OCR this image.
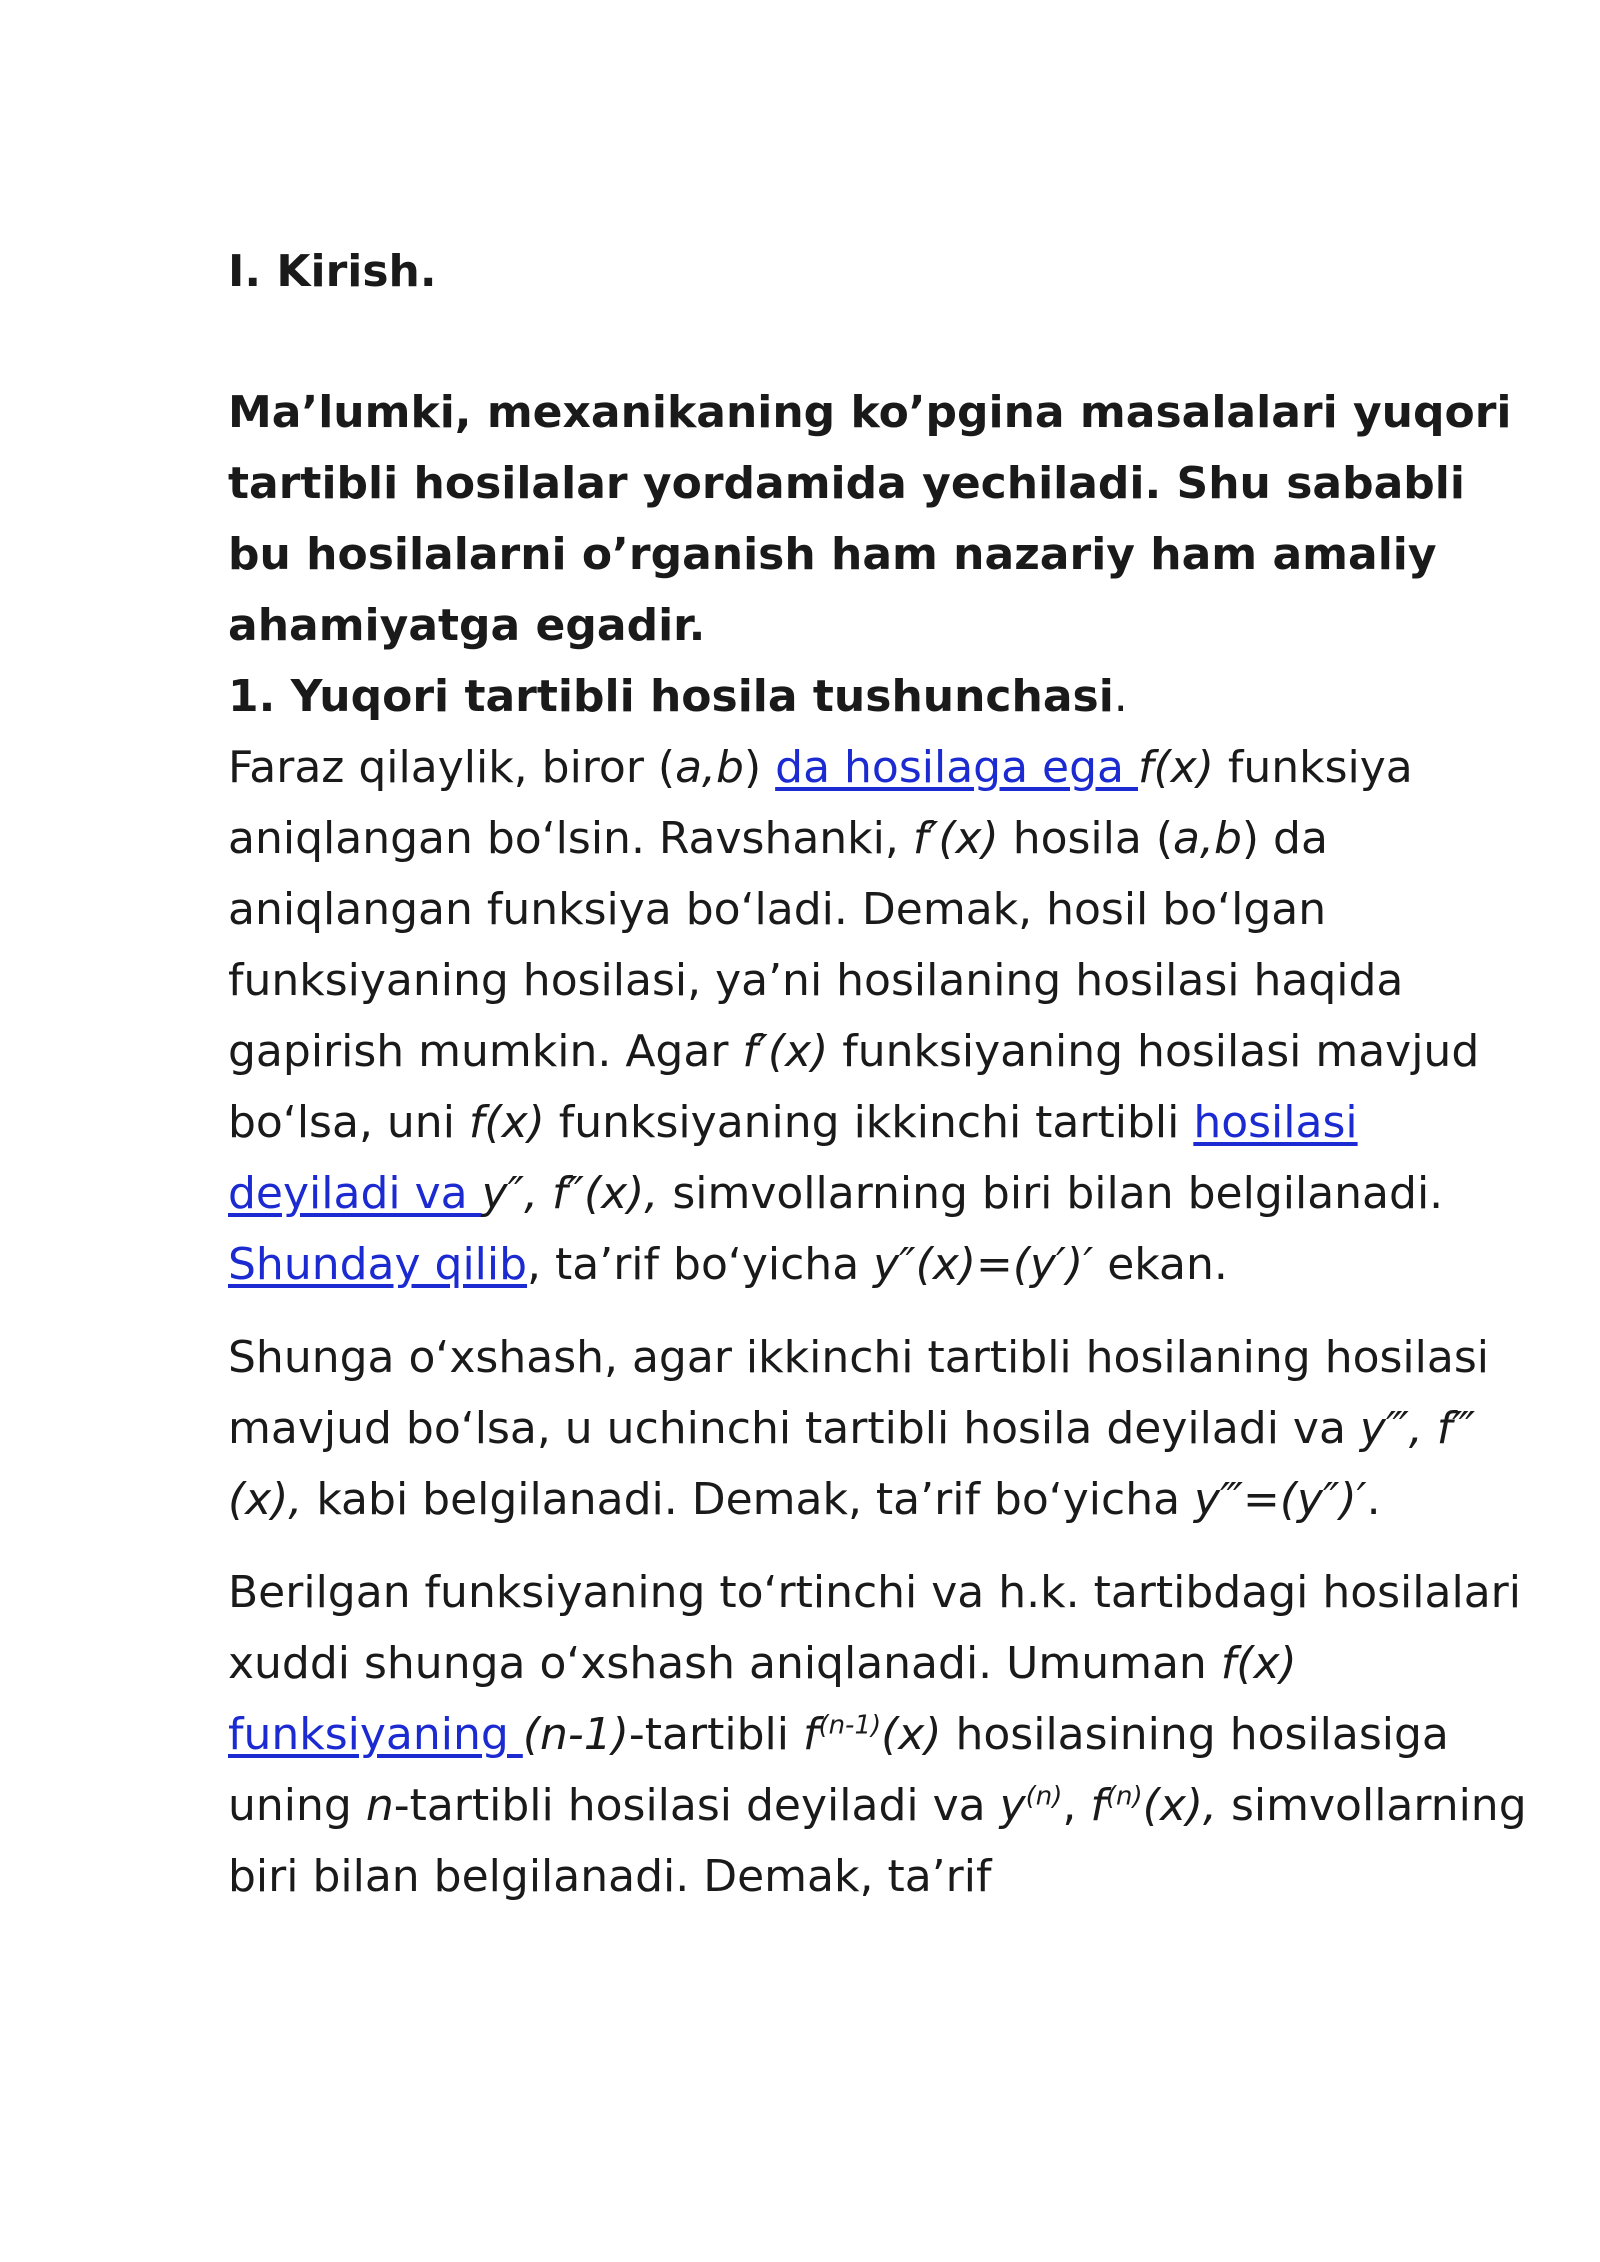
I. Kirish.

Ma’lumki, mexanikaning ko’pgina masalalari yuqori tartibli hosilalar yordamida yechiladi. Shu sababli bu hosilalarni o’rganish ham nazariy ham amaliy ahamiyatga egadir.

1. Yuqori tartibli hosila tushunchasi.

Faraz qilaylik, biror (a,b) da hosilaga ega f(x) funksiya aniqlangan bo‘lsin. Ravshanki, f′(x) hosila (a,b) da aniqlangan funksiya bo‘ladi. Demak, hosil bo‘lgan funksiyaning hosilasi, ya’ni hosilaning hosilasi haqida gapirish mumkin. Agar f′(x) funksiyaning hosilasi mavjud bo‘lsa, uni f(x) funksiyaning ikkinchi tartibli hosilasi deyiladi va y″, f″(x), simvollarning biri bilan belgilanadi. Shunday qilib, ta’rif bo‘yicha y″(x)=(y′)′ ekan.

Shunga o‘xshash, agar ikkinchi tartibli hosilaning hosilasi mavjud bo‘lsa, u uchinchi tartibli hosila deyiladi va y‴, f‴(x), kabi belgilanadi. Demak, ta’rif bo‘yicha y‴=(y″)′.

Berilgan funksiyaning to‘rtinchi va h.k. tartibdagi hosilalari xuddi shunga o‘xshash aniqlanadi. Umuman f(x) funksiyaning (n-1)-tartibli $f^{(n-1)}(x)$ hosilasining hosilasiga uning n-tartibli hosilasi deyiladi va $y^{(n)}$, $f^{(n)}(x)$, simvollarning biri bilan belgilanadi. Demak, ta’rif
